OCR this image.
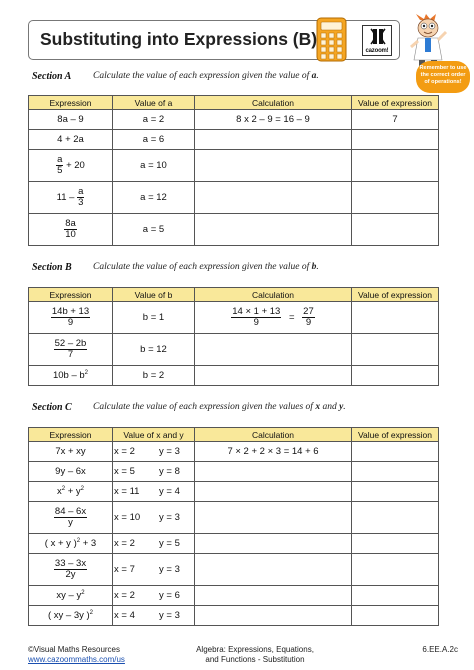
Substituting into Expressions (B)
cazoom!
Remember to use
the correct order
of operations!
Section A Calculate the value of each expression given the value of a.
Expression	Value of a	Calculation	Value of expression
8a – 9	a = 2	8 x 2 – 9 = 16 – 9	7
4 + 2a	a = 6		

$\frac{a}{5} + 20$	a = 10		
$11 - \frac{a}{3}$	a = 12		

$\frac{8a}{10}$	a = 5		
Section B Calculate the value of each expression given the value of b.
Expression	Value of b	Calculation	Value of expression

$\frac{14b + 13}{9}$	b = 1	$\frac{14 \times 1 + 13}{9} = \frac{27}{9}$

$\frac{52 - 2b}{7}$	b = 12		
$10b - b^2$	b = 2		
Section C Calculate the value of each expression given the values of x and y.
Expression	Value of x and y	Calculation	Value of expression
7x + xy	x = 2 y = 3	7 × 2 + 2 × 3 = 14 + 6	
9y – 6x	x = 5 y = 8		

$x^2 + y^2$	x = 11 y = 4		

$\frac{84 - 6x}{y}$	x = 10 y = 3		

( x + y )$^2$ + 3	x = 2 y = 5		

$\frac{33 - 3x}{2y}$	x = 7 y = 3		

xy – $y^2$	x = 2 y = 6		

( xy – 3y )$^2$	x = 4 y = 3		

©Visual Maths Resources
www.cazoommaths.com/us
Algebra: Expressions, Equations,
and Functions - Substitution
6.EE.A.2c
